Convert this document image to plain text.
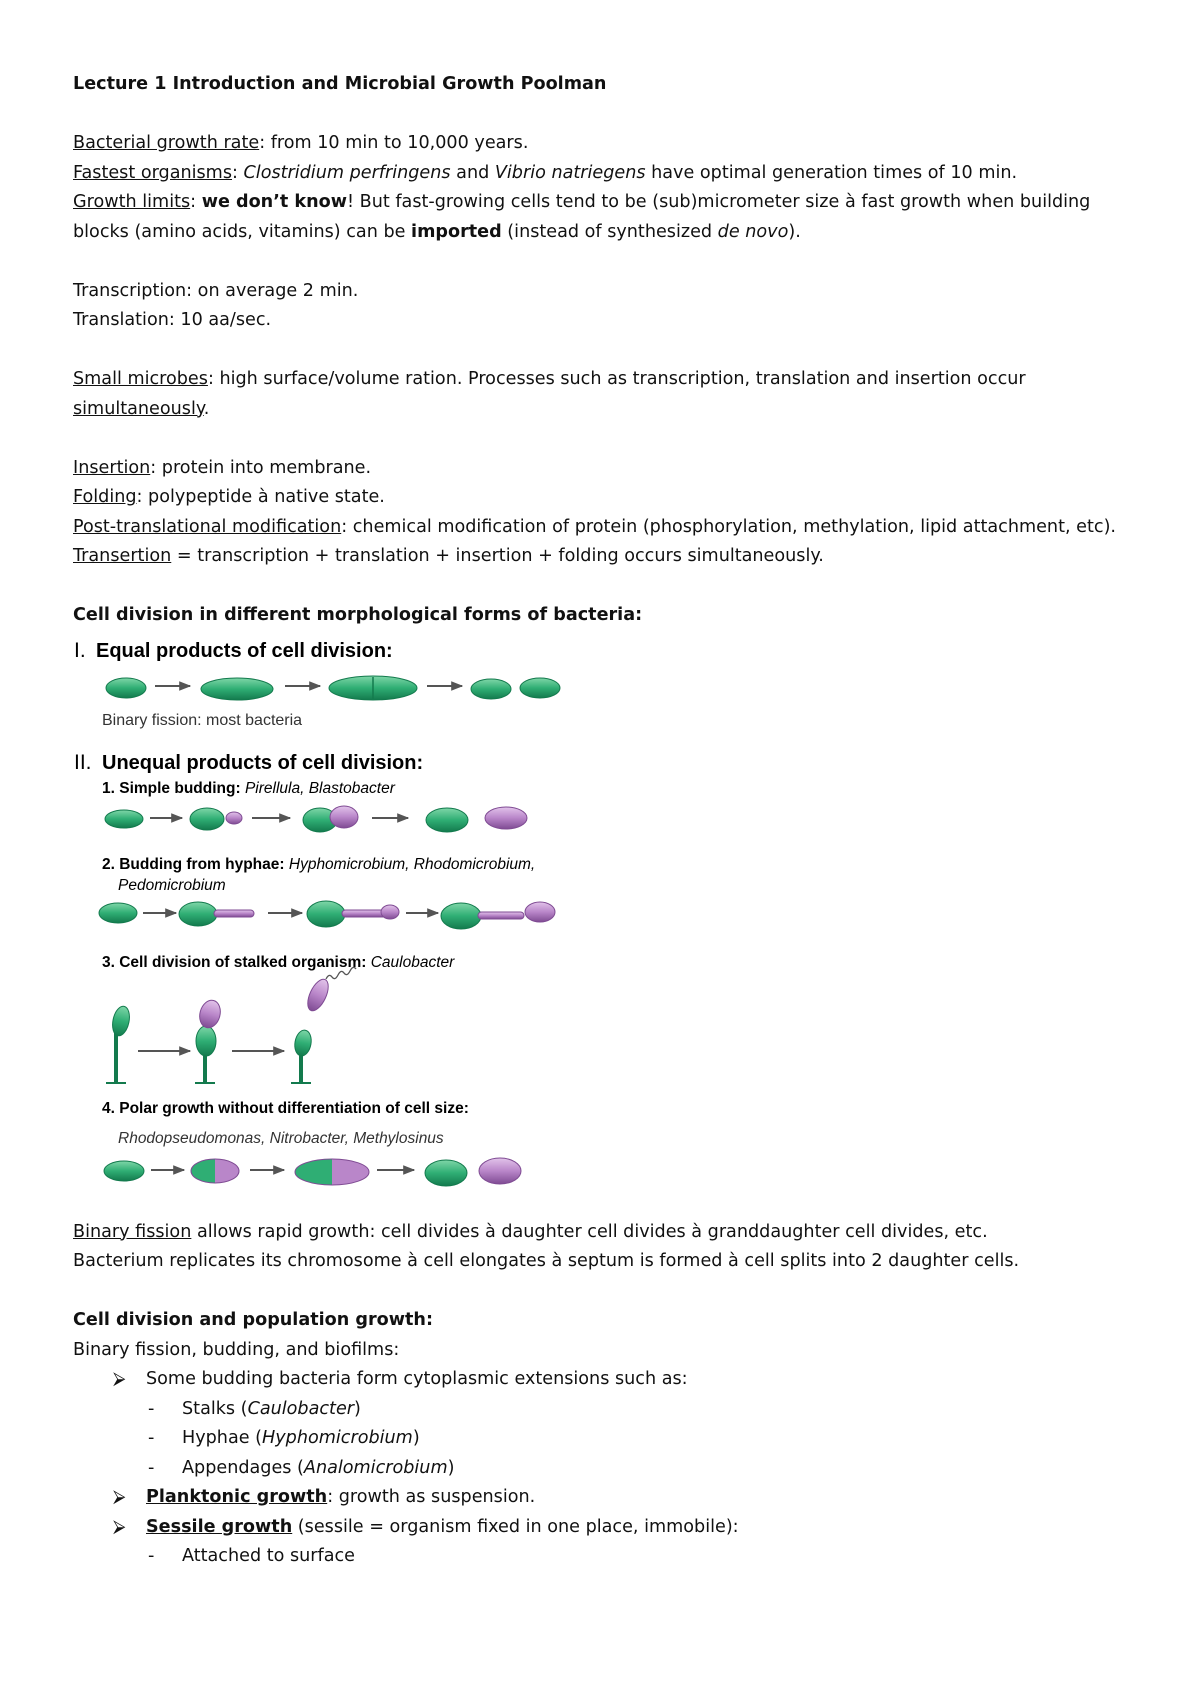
Lecture 1 Introduction and Microbial Growth Poolman

Bacterial growth rate: from 10 min to 10,000 years.

Fastest organisms: Clostridium perfringens and Vibrio natriegens have optimal generation times of 10 min.

Growth limits: we don’t know! But fast-growing cells tend to be (sub)micrometer size à fast growth when building blocks (amino acids, vitamins) can be imported (instead of synthesized de novo).

Transcription: on average 2 min.

Translation: 10 aa/sec.

Small microbes: high surface/volume ration. Processes such as transcription, translation and insertion occur simultaneously.

Insertion: protein into membrane.

Folding: polypeptide à native state.

Post-translational modification: chemical modification of protein (phosphorylation, methylation, lipid attachment, etc).

Transertion = transcription + translation + insertion + folding occurs simultaneously.

Cell division in different morphological forms of bacteria:

I. Equal products of cell division:
Binary fission: most bacteria
II. Unequal products of cell division:
1. Simple budding: Pirellula, Blastobacter
2. Budding from hyphae: Hyphomicrobium, Rhodomicrobium,
Pedomicrobium
3. Cell division of stalked organism: Caulobacter
4. Polar growth without differentiation of cell size:
Rhodopseudomonas, Nitrobacter, Methylosinus

Binary fission allows rapid growth: cell divides à daughter cell divides à granddaughter cell divides, etc.

Bacterium replicates its chromosome à cell elongates à septum is formed à cell splits into 2 daughter cells.

Cell division and population growth:

Binary fission, budding, and biofilms:

⮚ Some budding bacteria form cytoplasmic extensions such as:

- Stalks (Caulobacter)

- Hyphae (Hyphomicrobium)

- Appendages (Analomicrobium)

⮚ Planktonic growth: growth as suspension.

⮚ Sessile growth (sessile = organism fixed in one place, immobile):

- Attached to surface
